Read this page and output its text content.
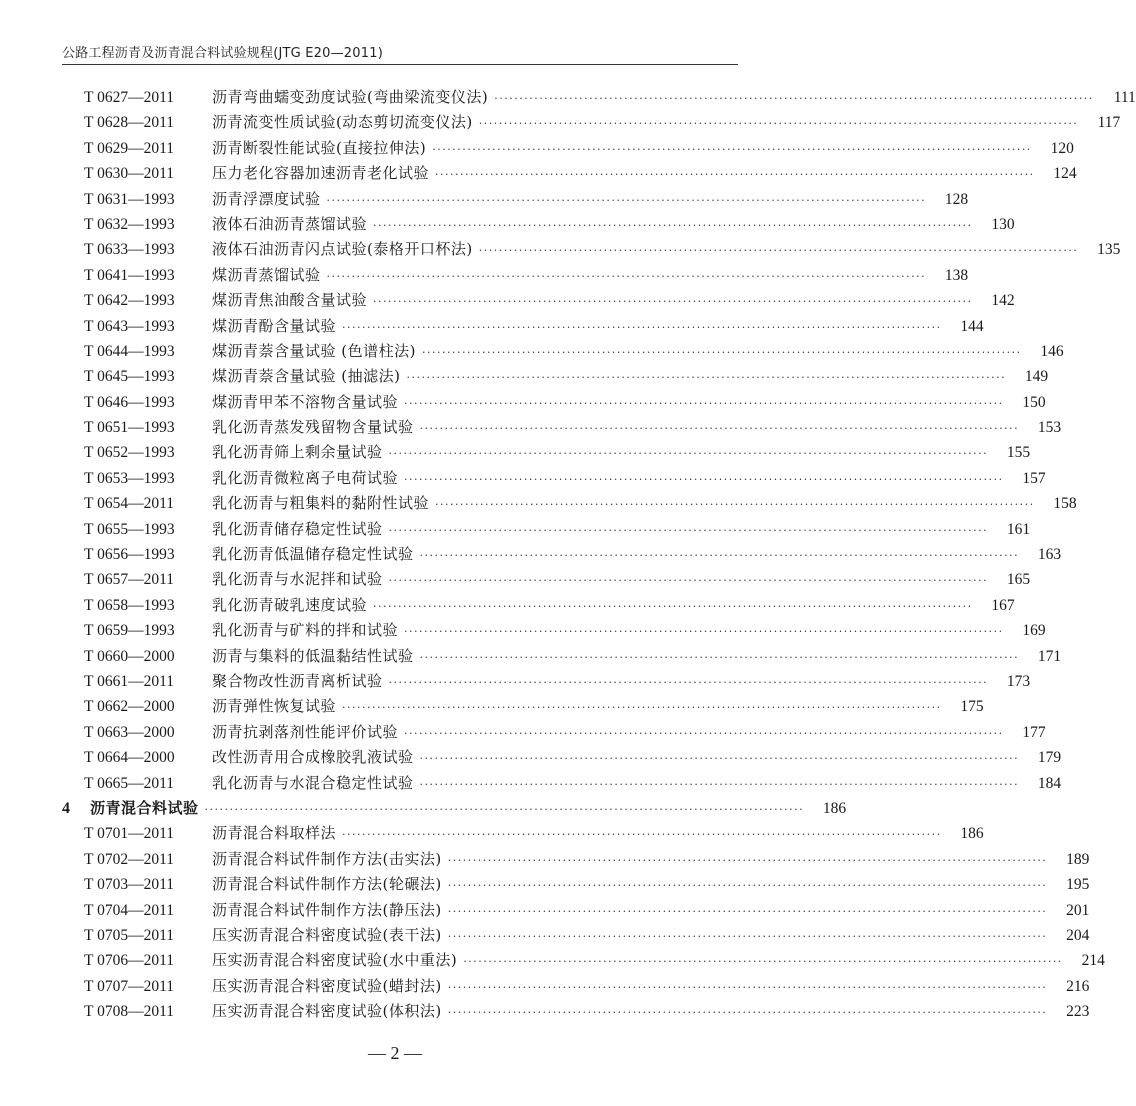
公路工程沥青及沥青混合料试验规程(JTG E20—2011)
T 0627—2011	沥青弯曲蠕变劲度试验(弯曲梁流变仪法) ························································································································	111
T 0628—2011	沥青流变性质试验(动态剪切流变仪法) ························································································································	117
T 0629—2011	沥青断裂性能试验(直接拉伸法) ························································································································	120
T 0630—2011	压力老化容器加速沥青老化试验 ························································································································	124
T 0631—1993	沥青浮漂度试验 ························································································································	128
T 0632—1993	液体石油沥青蒸馏试验 ························································································································	130
T 0633—1993	液体石油沥青闪点试验(泰格开口杯法) ························································································································	135
T 0641—1993	煤沥青蒸馏试验 ························································································································	138
T 0642—1993	煤沥青焦油酸含量试验 ························································································································	142
T 0643—1993	煤沥青酚含量试验 ························································································································	144
T 0644—1993	煤沥青萘含量试验 (色谱柱法) ························································································································	146
T 0645—1993	煤沥青萘含量试验 (抽滤法) ························································································································	149
T 0646—1993	煤沥青甲苯不溶物含量试验 ························································································································	150
T 0651—1993	乳化沥青蒸发残留物含量试验 ························································································································	153
T 0652—1993	乳化沥青筛上剩余量试验 ························································································································	155
T 0653—1993	乳化沥青微粒离子电荷试验 ························································································································	157
T 0654—2011	乳化沥青与粗集料的黏附性试验 ························································································································	158
T 0655—1993	乳化沥青储存稳定性试验 ························································································································	161
T 0656—1993	乳化沥青低温储存稳定性试验 ························································································································	163
T 0657—2011	乳化沥青与水泥拌和试验 ························································································································	165
T 0658—1993	乳化沥青破乳速度试验 ························································································································	167
T 0659—1993	乳化沥青与矿料的拌和试验 ························································································································	169
T 0660—2000	沥青与集料的低温黏结性试验 ························································································································	171
T 0661—2011	聚合物改性沥青离析试验 ························································································································	173
T 0662—2000	沥青弹性恢复试验 ························································································································	175
T 0663—2000	沥青抗剥落剂性能评价试验 ························································································································	177
T 0664—2000	改性沥青用合成橡胶乳液试验 ························································································································	179
T 0665—2011	乳化沥青与水混合稳定性试验 ························································································································	184
4	沥青混合料试验 ························································································································	186
T 0701—2011	沥青混合料取样法 ························································································································	186
T 0702—2011	沥青混合料试件制作方法(击实法) ························································································································	189
T 0703—2011	沥青混合料试件制作方法(轮碾法) ························································································································	195
T 0704—2011	沥青混合料试件制作方法(静压法) ························································································································	201
T 0705—2011	压实沥青混合料密度试验(表干法) ························································································································	204
T 0706—2011	压实沥青混合料密度试验(水中重法) ························································································································	214
T 0707—2011	压实沥青混合料密度试验(蜡封法) ························································································································	216
T 0708—2011	压实沥青混合料密度试验(体积法) ························································································································	223
— 2 —
